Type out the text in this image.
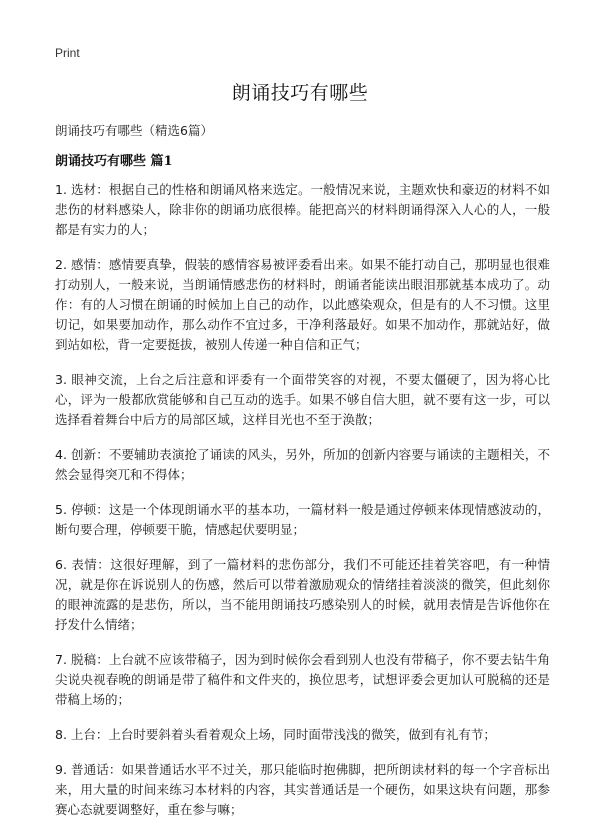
Print
朗诵技巧有哪些

朗诵技巧有哪些（精选6篇）

朗诵技巧有哪些 篇1

1. 选材：根据自己的性格和朗诵风格来选定。一般情况来说，主题欢快和豪迈的材料不如悲伤的材料感染人，除非你的朗诵功底很棒。能把高兴的材料朗诵得深入人心的人，一般都是有实力的人；

2. 感情：感情要真挚，假装的感情容易被评委看出来。如果不能打动自己，那明显也很难打动别人，一般来说，当朗诵情感悲伤的材料时，朗诵者能读出眼泪那就基本成功了。动作：有的人习惯在朗诵的时候加上自己的动作，以此感染观众，但是有的人不习惯。这里切记，如果要加动作，那么动作不宜过多，干净利落最好。如果不加动作，那就站好，做到站如松，背一定要挺拔，被别人传递一种自信和正气；

3. 眼神交流，上台之后注意和评委有一个面带笑容的对视，不要太僵硬了，因为将心比心，评为一般都欣赏能够和自己互动的选手。如果不够自信大胆，就不要有这一步，可以选择看着舞台中后方的局部区域，这样目光也不至于涣散；

4. 创新：不要辅助表演抢了诵读的风头，另外，所加的创新内容要与诵读的主题相关，不然会显得突兀和不得体；

5. 停顿：这是一个体现朗诵水平的基本功，一篇材料一般是通过停顿来体现情感波动的，断句要合理，停顿要干脆，情感起伏要明显；

6. 表情：这很好理解，到了一篇材料的悲伤部分，我们不可能还挂着笑容吧，有一种情况，就是你在诉说别人的伤感，然后可以带着激励观众的情绪挂着淡淡的微笑，但此刻你的眼神流露的是悲伤，所以，当不能用朗诵技巧感染别人的时候，就用表情是告诉他你在抒发什么情绪；

7. 脱稿：上台就不应该带稿子，因为到时候你会看到别人也没有带稿子，你不要去钻牛角尖说央视春晚的朗诵是带了稿件和文件夹的，换位思考，试想评委会更加认可脱稿的还是带稿上场的；

8. 上台：上台时要斜着头看着观众上场，同时面带浅浅的微笑，做到有礼有节；

9. 普通话：如果普通话水平不过关，那只能临时抱佛脚，把所朗读材料的每一个字音标出来，用大量的时间来练习本材料的内容，其实普通话是一个硬伤，如果这块有问题，那参赛心态就要调整好，重在参与嘛；
